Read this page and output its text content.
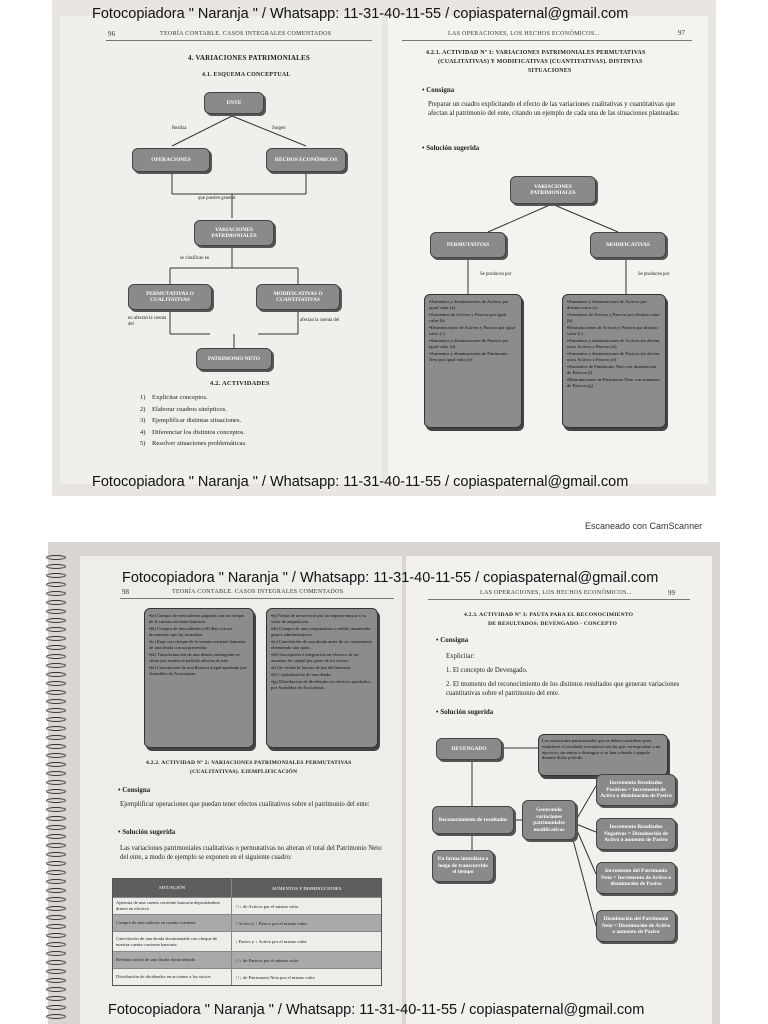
96	TEORÍA CONTABLE. CASOS INTEGRALES COMENTADOS
4. VARIACIONES PATRIMONIALES
4.1. ESQUEMA CONCEPTUAL
ENTE
Realiza	Surgen
OPERACIONES	HECHOS ECONÓMICOS
que pueden generar
VARIACIONES PATRIMONIALES
se clasifican en
PERMUTATIVAS O CUALITATIVAS
MODIFICATIVAS O CUANTITATIVAS
no afectan la cuenta del
afectan la cuenta del
PATRIMONIO NETO
4.2. ACTIVIDADES
1) Explicitar conceptos.
2) Elaborar cuadros sinópticos.
3) Ejemplificar distintas situaciones.
4) Diferenciar los distintos conceptos.
5) Resolver situaciones problemáticas.
LAS OPERACIONES, LOS HECHOS ECONÓMICOS...	97
4.2.1. ACTIVIDAD Nº 1: VARIACIONES PATRIMONIALES PERMUTATIVAS
(CUALITATIVAS) Y MODIFICATIVAS (CUANTITATIVAS). DISTINTAS
SITUACIONES
• Consigna
Preparar un cuadro explicitando el efecto de las variaciones cualitativas y cuantitativas que afectan al patrimonio del ente, citando un ejemplo de cada una de las situaciones planteadas:
• Solución sugerida
VARIACIONES PATRIMONIALES
PERMUTATIVAS	MODIFICATIVAS
Se producen por	Se producen por
▪ Aumentos y disminuciones de Activos por igual valor (a)
▪ Aumentos de Activos y Pasivos por igual valor (b)
▪ Disminuciones de Activos y Pasivos por igual valor (c)
▪ Aumentos y disminuciones de Pasivos por igual valor (d)
▪ Aumentos y disminuciones de Patrimonio Neto por igual valor (e)
▪ Aumentos y disminuciones de Activos por distinto valor (a)
▪ Aumentos de Activos y Pasivos por distinto valor (b)
▪ Disminuciones de Activos y Pasivos por distinto valor (c)
▪ Aumentos y disminuciones de Activos sin afectar otros Activos o Pasivos (d)
▪ Aumentos y disminuciones de Pasivos sin afectar otros Activos o Pasivos (e)
▪ Aumentos de Patrimonio Neto con disminución de Pasivos (f)
▪ Disminuciones de Patrimonio Neto con aumentos de Pasivos (g)
Fotocopiadora " Naranja " / Whatsapp: 11-31-40-11-55 / copiaspaternal@gmail.com
Fotocopiadora " Naranja " / Whatsapp: 11-31-40-11-55 / copiaspaternal@gmail.com
Escaneado con CamScanner
98	TEORÍA CONTABLE. CASOS INTEGRALES COMENTADOS
▪ (a) Compra de mercaderías pagadas con un cheque de la cuenta corriente bancaria.
▪ (b) Compra de mercaderías a 60 días con un documento que las formaliza.
▪ (c) Pago con cheque de la cuenta corriente bancaria de una deuda con un proveedor.
▪ (d) Transformación de una deuda contingente en cierta por sentencia judicial adversa al ente.
▪ (e) Constitución de una Reserva Legal aprobada por Asamblea de Accionistas.
▪ (a) Venta de un servicio por un importe mayor a su valor de adquisición.
▪ (b) Compra de una computadora a crédito asumiendo gastos administrativos.
▪ (c) Cancelación de una deuda antes de su vencimiento obteniendo una quita.
▪ (d) Suscripción e integración en efectivo de un aumento de capital por parte de los socios.
▪ (e) Se recibe la factura de luz del bimestre.
▪ (f) Capitalización de una deuda.
▪ (g) Distribución de dividendos en efectivo aprobados por Asamblea de Accionistas.
4.2.2. ACTIVIDAD Nº 2: VARIACIONES PATRIMONIALES PERMUTATIVAS
(CUALITATIVAS). EJEMPLIFICACIÓN
• Consigna
Ejemplificar operaciones que puedan tener efectos cualitativos sobre el patrimonio del ente:
• Solución sugerida
Las variaciones patrimoniales cualitativas o permutativas no alteran el total del Patrimonio Neto del ente, a modo de ejemplo se exponen en el siguiente cuadro:
SITUACIÓN	AUMENTOS Y DISMINUCIONES
Apertura de una cuenta corriente bancaria depositándose dinero en efectivo	↑↑↓ de Activos por el mismo valor
Compra de mercaderías en cuenta corriente	↑ Activo y ↑ Pasivo por el mismo valor
Cancelación de una deuda documentada con cheque de nuestra cuenta corriente bancaria	↓ Pasivo y ↓ Activo por el mismo valor
Refinanciación de una deuda documentada	↑↑↓ de Pasivos por el mismo valor
Distribución de dividendos en acciones a los socios	↑↑↓ de Patrimonio Neto por el mismo valor
LAS OPERACIONES, LOS HECHOS ECONÓMICOS...	99
4.2.3. ACTIVIDAD Nº 3: PAUTA PARA EL RECONOCIMIENTO
DE RESULTADOS: DEVENGADO - CONCEPTO
• Consigna
Explicitar:
1. El concepto de Devengado.
2. El momento del reconocimiento de los distintos resultados que generan variaciones cuantitativas sobre el patrimonio del ente.
• Solución sugerida
DEVENGADO
Las variaciones patrimoniales que se deben considerar para establecer el resultado económico son las que correspondan a un ejercicio, sin entrar a distinguir si se han cobrado o pagado durante dicho período.
Reconocimiento de resultados
Generando variaciones patrimoniales modificativas
En forma inmediata o luego de transcurrido el tiempo
Incremento Resultados Positivos = Incremento de Activo o disminución de Pasivo
Incremento Resultados Negativos = Disminución de Activo o aumento de Pasivo
Incremento del Patrimonio Neto = Incremento de Activo o disminución de Pasivo
Disminución del Patrimonio Neto = Disminución de Activo o aumento de Pasivo
Fotocopiadora " Naranja " / Whatsapp: 11-31-40-11-55 / copiaspaternal@gmail.com
Fotocopiadora " Naranja " / Whatsapp: 11-31-40-11-55 / copiaspaternal@gmail.com
